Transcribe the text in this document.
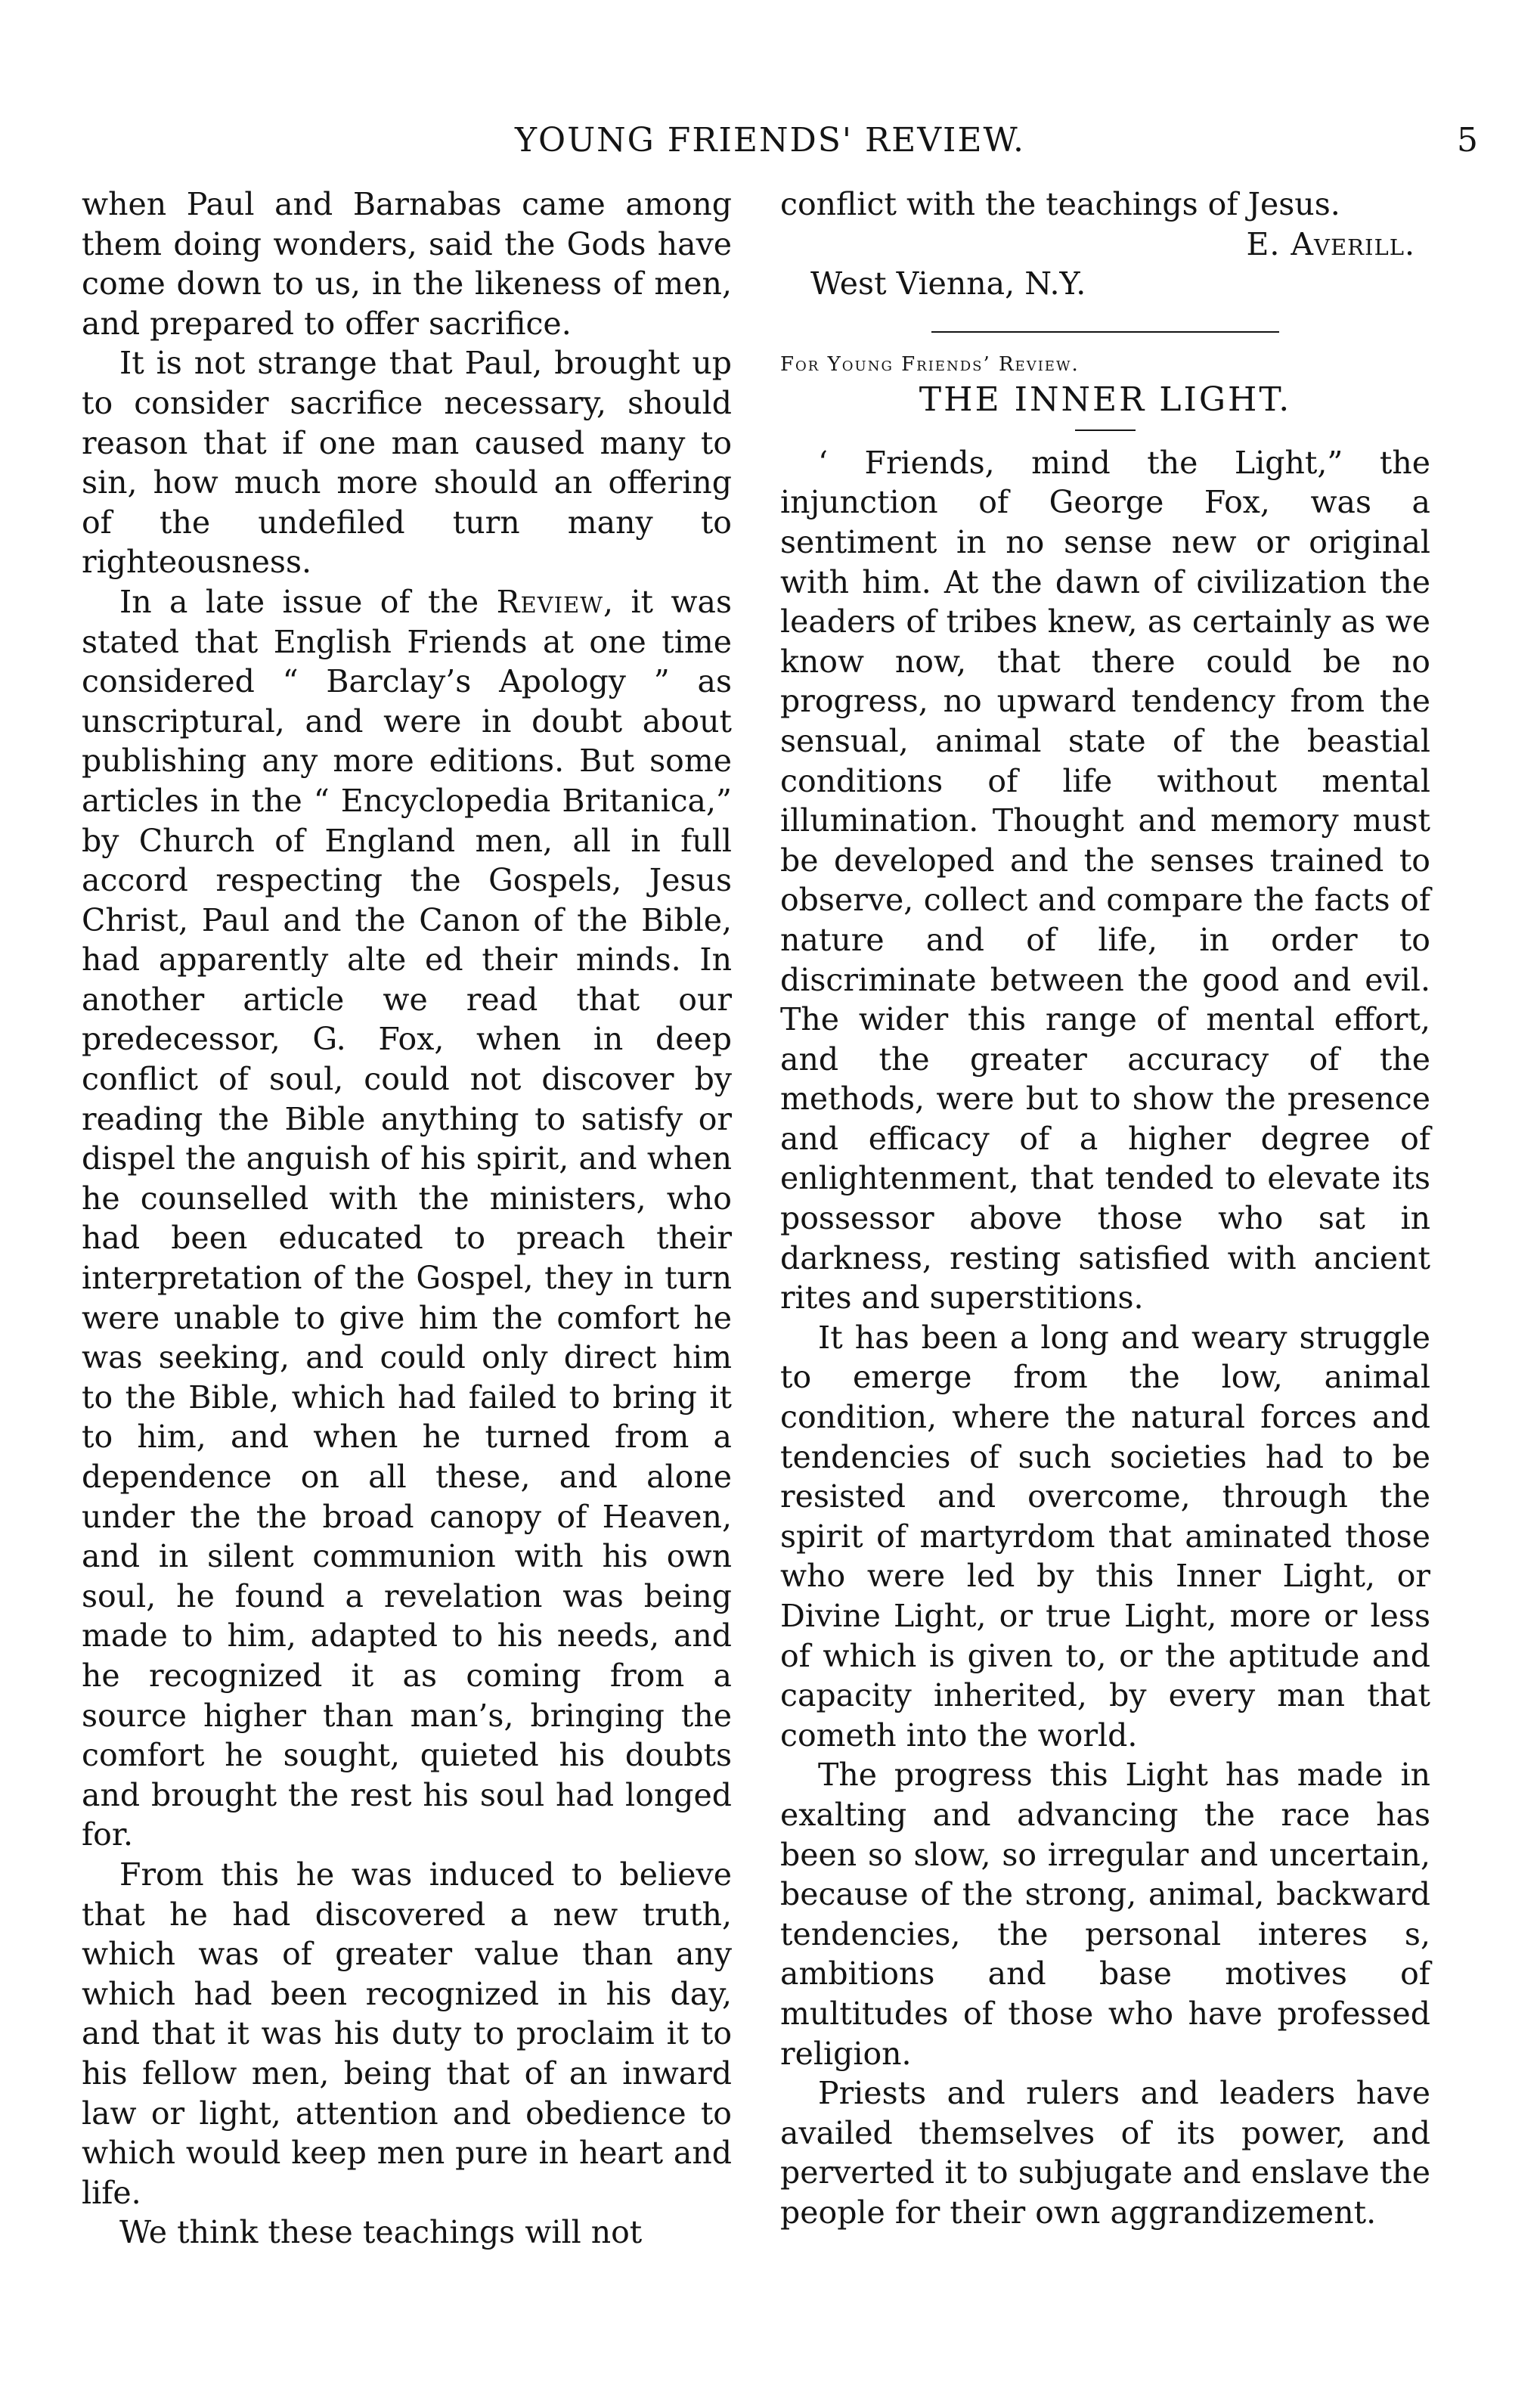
YOUNG FRIENDS' REVIEW.	5

when Paul and Barnabas came among them doing wonders, said the Gods have come down to us, in the likeness of men, and prepared to offer sacrifice.

It is not strange that Paul, brought up to consider sacrifice necessary, should reason that if one man caused many to sin, how much more should an offering of the undefiled turn many to righteousness.

In a late issue of the Review, it was stated that English Friends at one time considered “ Barclay’s Apology ” as unscriptural, and were in doubt about publishing any more editions. But some articles in the “ Encyclopedia Britanica,” by Church of England men, all in full accord respecting the Gospels, Jesus Christ, Paul and the Canon of the Bible, had apparently alte ed their minds. In another article we read that our predecessor, G. Fox, when in deep conflict of soul, could not discover by reading the Bible anything to satisfy or dispel the anguish of his spirit, and when he counselled with the ministers, who had been educated to preach their interpretation of the Gospel, they in turn were unable to give him the comfort he was seeking, and could only direct him to the Bible, which had failed to bring it to him, and when he turned from a dependence on all these, and alone under the the broad canopy of Heaven, and in silent communion with his own soul, he found a revelation was being made to him, adapted to his needs, and he recognized it as coming from a source higher than man’s, bringing the comfort he sought, quieted his doubts and brought the rest his soul had longed for.

From this he was induced to believe that he had discovered a new truth, which was of greater value than any which had been recognized in his day, and that it was his duty to proclaim it to his fellow men, being that of an inward law or light, attention and obedience to which would keep men pure in heart and life.

We think these teachings will not

conflict with the teachings of Jesus.

E. Averill.

West Vienna, N.Y.

For Young Friends’ Review.

THE INNER LIGHT.

‘ Friends, mind the Light,” the injunction of George Fox, was a sentiment in no sense new or original with him. At the dawn of civilization the leaders of tribes knew, as certainly as we know now, that there could be no progress, no upward tendency from the sensual, animal state of the beastial conditions of life without mental illumination. Thought and memory must be developed and the senses trained to observe, collect and compare the facts of nature and of life, in order to discriminate between the good and evil. The wider this range of mental effort, and the greater accuracy of the methods, were but to show the presence and efficacy of a higher degree of enlightenment, that tended to elevate its possessor above those who sat in darkness, resting satisfied with ancient rites and superstitions.

It has been a long and weary struggle to emerge from the low, animal condition, where the natural forces and tendencies of such societies had to be resisted and overcome, through the spirit of martyrdom that aminated those who were led by this Inner Light, or Divine Light, or true Light, more or less of which is given to, or the aptitude and capacity inherited, by every man that cometh into the world.

The progress this Light has made in exalting and advancing the race has been so slow, so irregular and uncertain, because of the strong, animal, backward tendencies, the personal interes s, ambitions and base motives of multitudes of those who have professed religion.

Priests and rulers and leaders have availed themselves of its power, and perverted it to subjugate and enslave the people for their own aggrandizement.
